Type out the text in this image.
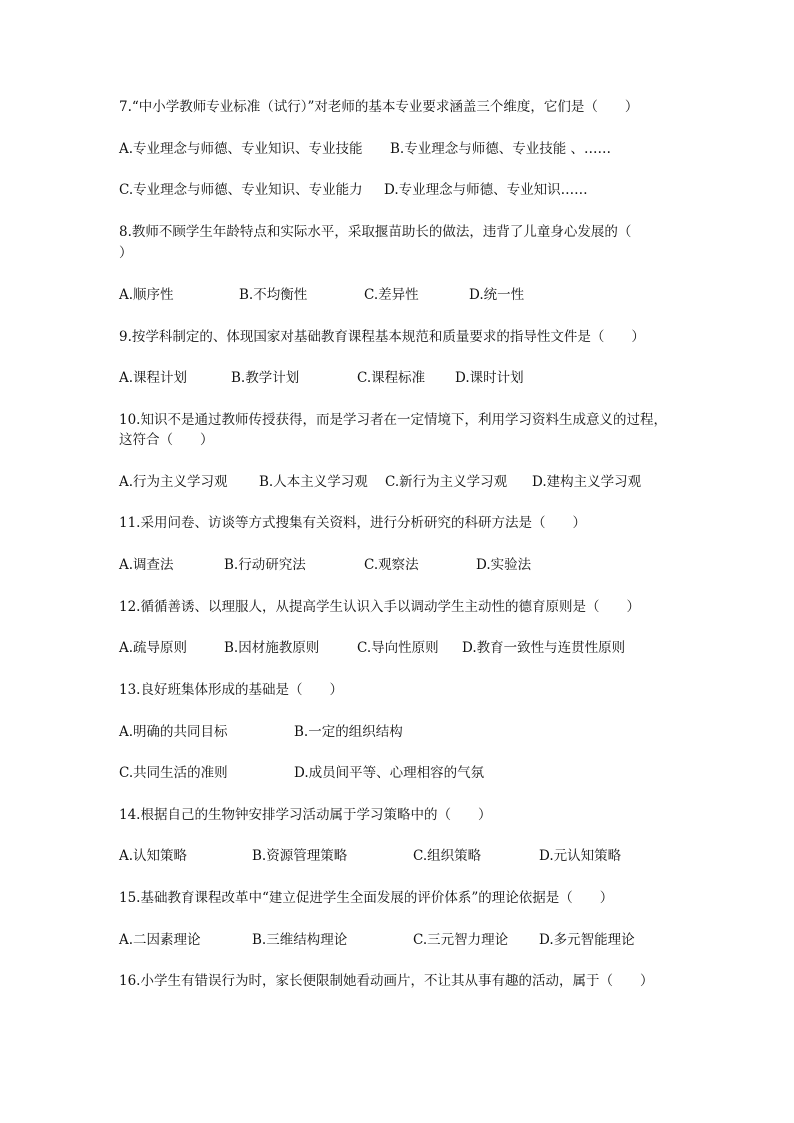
7.“中小学教师专业标准（试行）”对老师的基本专业要求涵盖三个维度，它们是（　　）
A.专业理念与师德、专业知识、专业技能 B.专业理念与师德、专业技能 、……
C.专业理念与师德、专业知识、专业能力 D.专业理念与师德、专业知识……
8.教师不顾学生年龄特点和实际水平，采取揠苗助长的做法，违背了儿童身心发展的（
）
A.顺序性	B.不均衡性	C.差异性	D.统一性
9.按学科制定的、体现国家对基础教育课程基本规范和质量要求的指导性文件是（　　）
A.课程计划	B.教学计划	C.课程标准 D.课时计划
10.知识不是通过教师传授获得，而是学习者在一定情境下，利用学习资料生成意义的过程，
这符合（　　）
A.行为主义学习观 B.人本主义学习观 C.新行为主义学习观 D.建构主义学习观
11.采用问卷、访谈等方式搜集有关资料，进行分析研究的科研方法是（　　）
A.调查法	B.行动研究法	C.观察法	D.实验法
12.循循善诱、以理服人，从提高学生认识入手以调动学生主动性的德育原则是（　　）
A.疏导原则	B.因材施教原则	C.导向性原则 D.教育一致性与连贯性原则
13.良好班集体形成的基础是（　　）
A.明确的共同目标	B.一定的组织结构
C.共同生活的准则	D.成员间平等、心理相容的气氛
14.根据自己的生物钟安排学习活动属于学习策略中的（　　）
A.认知策略	B.资源管理策略	C.组织策略	D.元认知策略
15.基础教育课程改革中“建立促进学生全面发展的评价体系”的理论依据是（　　）
A.二因素理论	B.三维结构理论	C.三元智力理论 D.多元智能理论
16.小学生有错误行为时，家长便限制她看动画片，不让其从事有趣的活动，属于（　　）
